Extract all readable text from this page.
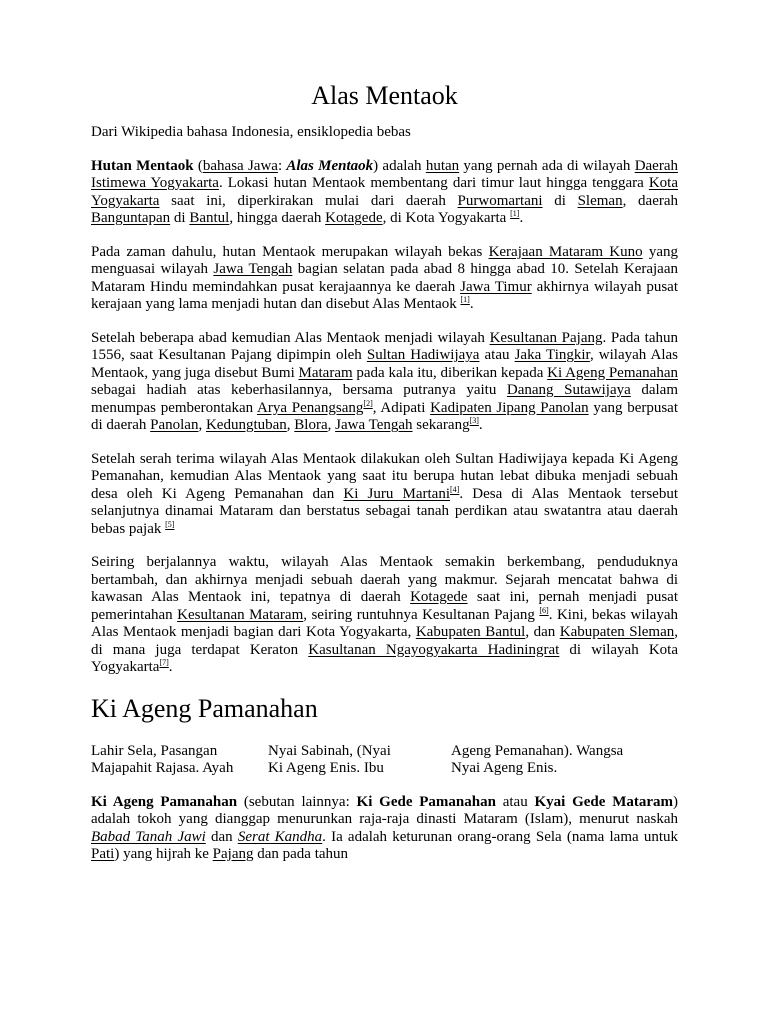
Alas Mentaok
Dari Wikipedia bahasa Indonesia, ensiklopedia bebas

Hutan Mentaok (bahasa Jawa: Alas Mentaok) adalah hutan yang pernah ada di wilayah Daerah Istimewa Yogyakarta. Lokasi hutan Mentaok membentang dari timur laut hingga tenggara Kota Yogyakarta saat ini, diperkirakan mulai dari daerah Purwomartani di Sleman, daerah Banguntapan di Bantul, hingga daerah Kotagede, di Kota Yogyakarta [1].

Pada zaman dahulu, hutan Mentaok merupakan wilayah bekas Kerajaan Mataram Kuno yang menguasai wilayah Jawa Tengah bagian selatan pada abad 8 hingga abad 10. Setelah Kerajaan Mataram Hindu memindahkan pusat kerajaannya ke daerah Jawa Timur akhirnya wilayah pusat kerajaan yang lama menjadi hutan dan disebut Alas Mentaok [1].

Setelah beberapa abad kemudian Alas Mentaok menjadi wilayah Kesultanan Pajang. Pada tahun 1556, saat Kesultanan Pajang dipimpin oleh Sultan Hadiwijaya atau Jaka Tingkir, wilayah Alas Mentaok, yang juga disebut Bumi Mataram pada kala itu, diberikan kepada Ki Ageng Pemanahan sebagai hadiah atas keberhasilannya, bersama putranya yaitu Danang Sutawijaya dalam menumpas pemberontakan Arya Penangsang[2], Adipati Kadipaten Jipang Panolan yang berpusat di daerah Panolan, Kedungtuban, Blora, Jawa Tengah sekarang[3].

Setelah serah terima wilayah Alas Mentaok dilakukan oleh Sultan Hadiwijaya kepada Ki Ageng Pemanahan, kemudian Alas Mentaok yang saat itu berupa hutan lebat dibuka menjadi sebuah desa oleh Ki Ageng Pemanahan dan Ki Juru Martani[4]. Desa di Alas Mentaok tersebut selanjutnya dinamai Mataram dan berstatus sebagai tanah perdikan atau swatantra atau daerah bebas pajak [5]

Seiring berjalannya waktu, wilayah Alas Mentaok semakin berkembang, penduduknya bertambah, dan akhirnya menjadi sebuah daerah yang makmur. Sejarah mencatat bahwa di kawasan Alas Mentaok ini, tepatnya di daerah Kotagede saat ini, pernah menjadi pusat pemerintahan Kesultanan Mataram, seiring runtuhnya Kesultanan Pajang [6]. Kini, bekas wilayah Alas Mentaok menjadi bagian dari Kota Yogyakarta, Kabupaten Bantul, dan Kabupaten Sleman, di mana juga terdapat Keraton Kasultanan Ngayogyakarta Hadiningrat di wilayah Kota Yogyakarta[7].

Ki Ageng Pamanahan
Lahir Sela, Pasangan	Nyai Sabinah, (Nyai	Ageng Pemanahan). Wangsa
Majapahit Rajasa. Ayah	Ki Ageng Enis. Ibu	Nyai Ageng Enis.

Ki Ageng Pamanahan (sebutan lainnya: Ki Gede Pamanahan atau Kyai Gede Mataram) adalah tokoh yang dianggap menurunkan raja-raja dinasti Mataram (Islam), menurut naskah Babad Tanah Jawi dan Serat Kandha. Ia adalah keturunan orang-orang Sela (nama lama untuk Pati) yang hijrah ke Pajang dan pada tahun
